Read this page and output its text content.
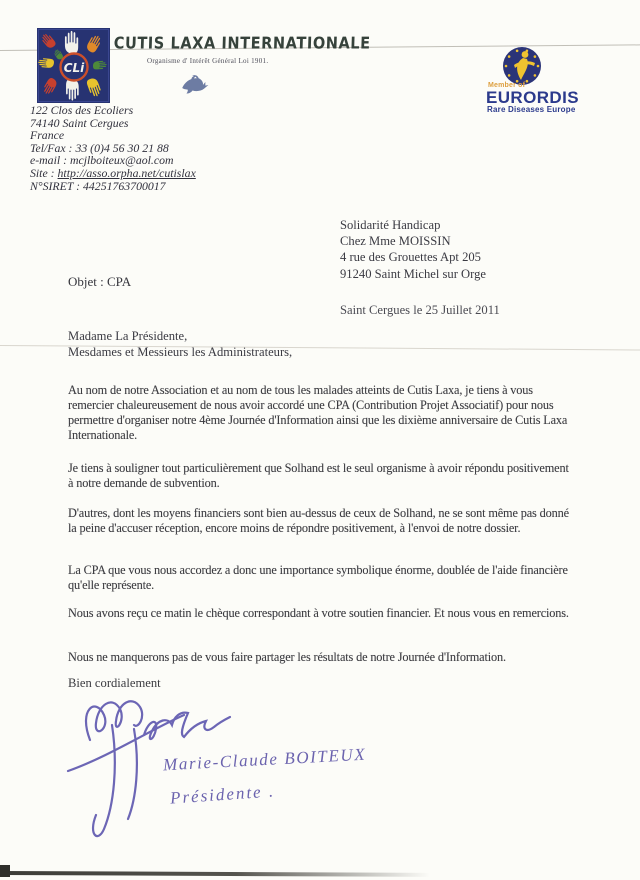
CLi
CUTIS LAXA INTERNATIONALE
Organisme d' Intérêt Général Loi 1901.
Member of
EURORDIS
Rare Diseases Europe
122 Clos des Ecoliers
74140 Saint Cergues
France
Tel/Fax : 33 (0)4 56 30 21 88
e-mail : mcjlboiteux@aol.com
Site : http://asso.orpha.net/cutislax
N°SIRET : 44251763700017
Solidarité Handicap
Chez Mme MOISSIN
4 rue des Grouettes Apt 205
91240 Saint Michel sur Orge
Objet : CPA
Saint Cergues le 25 Juillet 2011
Madame La Présidente,
Mesdames et Messieurs les Administrateurs,

Au nom de notre Association et au nom de tous les malades atteints de Cutis Laxa, je tiens à vous remercier chaleureusement de nous avoir accordé une CPA (Contribution Projet Associatif) pour nous permettre d'organiser notre 4ème Journée d'Information ainsi que les dixième anniversaire de Cutis Laxa Internationale.

Je tiens à souligner tout particulièrement que Solhand est le seul organisme à avoir répondu positivement à notre demande de subvention.

D'autres, dont les moyens financiers sont bien au-dessus de ceux de Solhand, ne se sont même pas donné la peine d'accuser réception, encore moins de répondre positivement, à l'envoi de notre dossier.

La CPA que vous nous accordez a donc une importance symbolique énorme, doublée de l'aide financière qu'elle représente.

Nous avons reçu ce matin le chèque correspondant à votre soutien financier. Et nous vous en remercions.

Nous ne manquerons pas de vous faire partager les résultats de notre Journée d'Information.

Bien cordialement
Marie-Claude BOITEUX
Présidente .
